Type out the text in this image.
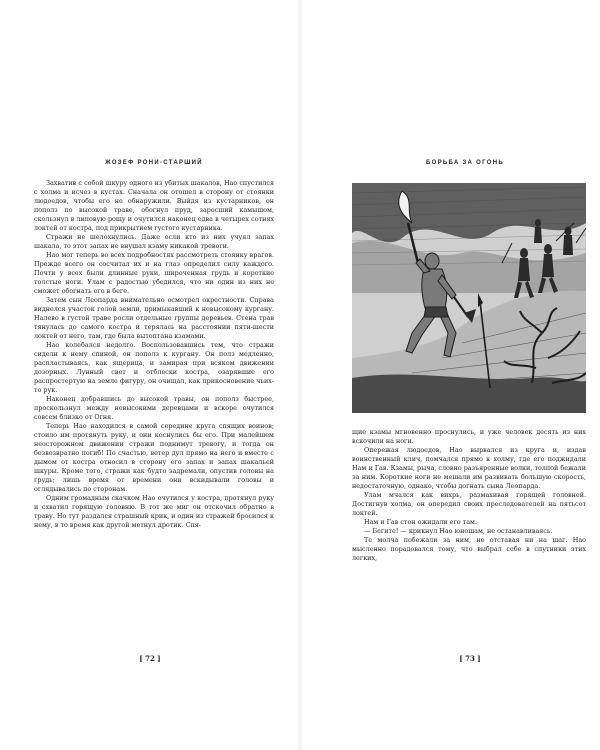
ЖОЗЕФ РОНИ-СТАРШИЙ

Захватив с собой шкуру одного из убитых шакалов, Нао спустился с холма и исчез в кустах. Сначала он отошел в сторону от стоянки людоедов, чтобы его не обнаружили. Выйдя из кустарников, он пополз по высокой траве, обогнул пруд, заросший камышом, скользнул в липовую рощу и очутился наконец едва в четырех сотнях локтей от костра, под прикрытием густого кустарника.

Стражи не шелохнулись. Даже если кто из них учуял запах шакала, то этот запах не внушал кзаму никакой тревоги.

Нао мог теперь во всех подробностях рассмотреть стоянку врагов. Прежде всего он сосчитал их и на глаз определил силу каждого. Почти у всех были длинные руки, широченная грудь и короткие толстые ноги. Улам с радостью убедился, что ни один из них не сможет обогнать его в беге.

Затем сын Леопарда внимательно осмотрел окрестности. Справа виднелся участок голой земли, примыкавший к невысокому кургану. Налево в густой траве росли отдельные группы деревьев. Стена трав тянулась до самого костра и терялась на расстоянии пяти-шести локтей от него, там, где была вытоптана кзамами.

Нао колебался недолго. Воспользовавшись тем, что стражи сидели к нему спиной, он пополз к кургану. Он полз медленно, распластываясь, как ящерица, и замирая при всяком движении дозорных. Лунный свет и отблески костра, озарявшие его распростертую на земле фигуру, он очищал, как прикосновение чьих-то рук.

Наконец добравшись до высокой травы, он пополз быстрее, проскользнул между невысокими деревцами и вскоре очутился совсем близко от Огня.

Теперь Нао находился в самой середине круга спящих воинов; стоило им протянуть руку, и они коснулись бы его. При малейшем неосторожном движении стражи поднимут тревогу, и тогда он безвозвратно погиб! По счастью, ветер дул прямо на него и вместе с дымом от костра относил в сторону его запах и запах шакальей шкуры. Кроме того, стражи как будто задремали, опустив головы на грудь; лишь время от времени они вскидывали головы и оглядывались по сторонам.

Одним громадным скачком Нао очутился у костра, протянул руку и схватил горящую головню. В тот же миг он отскочил обратно в траву. Но тут раздался страшный крик, и один из стражей бросился к нему, в то время как другой метнул дротик. Спя-

[ 72 ]
БОРЬБА ЗА ОГОНЬ

щие кзамы мгновенно проснулись, и уже человек десять из них вскочили на ноги.

Опережая людоедов, Нао вырвался из круга и, издав воинственный клич, помчался прямо к холму, где его поджидали Нам и Гав. Кзамы, рыча, словно разъяренные волки, толпой бежали за ним. Короткие ноги не мешали им развивать большую скорость, недостаточную, однако, чтобы догнать сына Леопарда.

Улам мчался как вихрь, размахивая горящей головней. Достигнув холма, он опередил своих преследователей на пятьсот локтей.

Нам и Гав стон ожидали его там.

— Бегите! — крикнул Нао юношам, не останавливаясь.

Те молча побежали за ним, не отставая ни на шаг. Нао мысленно порадовался тому, что выбрал себе в спутники этих легких,

[ 73 ]
